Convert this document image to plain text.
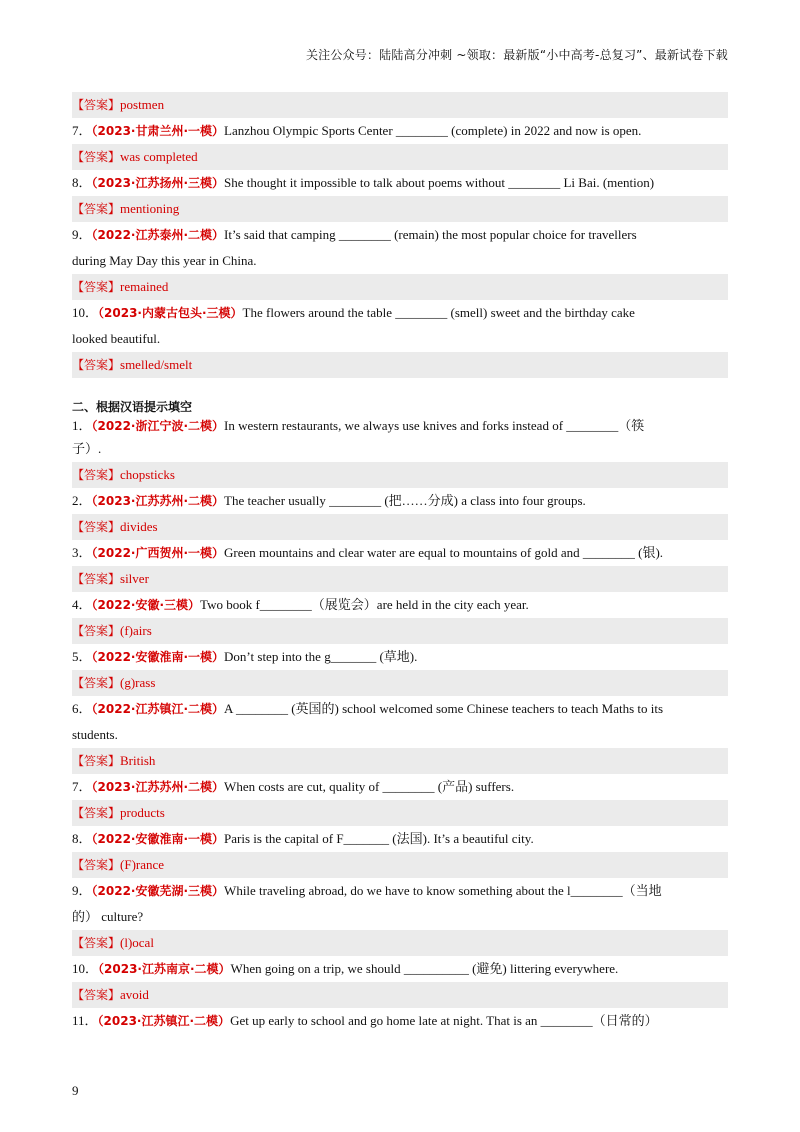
关注公众号：陆陆高分冲刺 ~领取：最新版“小中高考-总复习”、最新试卷下载
【答案】postmen
7．（2023·甘肃兰州·一模）Lanzhou Olympic Sports Center ________ (complete) in 2022 and now is open.
【答案】was completed
8．（2023·江苏扬州·三模）She thought it impossible to talk about poems without ________ Li Bai. (mention)
【答案】mentioning
9．（2022·江苏泰州·二模）It’s said that camping ________ (remain) the most popular choice for travellers
during May Day this year in China.
【答案】remained
10．（2023·内蒙古包头·三模）The flowers around the table ________ (smell) sweet and the birthday cake
looked beautiful.
【答案】smelled/smelt
二、根据汉语提示填空
1．（2022·浙江宁波·二模）In western restaurants, we always use knives and forks instead of ________（筷
子）.
【答案】chopsticks
2．（2023·江苏苏州·二模）The teacher usually ________ (把……分成) a class into four groups.
【答案】divides
3．（2022·广西贺州·一模）Green mountains and clear water are equal to mountains of gold and ________ (银).
【答案】silver
4．（2022·安徽·三模）Two book f________（展览会）are held in the city each year.
【答案】(f)airs
5．（2022·安徽淮南·一模）Don’t step into the g_______ (草地).
【答案】(g)rass
6．（2022·江苏镇江·二模）A ________ (英国的) school welcomed some Chinese teachers to teach Maths to its
students.
【答案】British
7．（2023·江苏苏州·二模）When costs are cut, quality of ________ (产品) suffers.
【答案】products
8．（2022·安徽淮南·一模）Paris is the capital of F_______ (法国). It’s a beautiful city.
【答案】(F)rance
9．（2022·安徽芜湖·三模）While traveling abroad, do we have to know something about the l________（当地
的） culture?
【答案】(l)ocal
10．（2023·江苏南京·二模）When going on a trip, we should __________ (避免) littering everywhere.
【答案】avoid
11．（2023·江苏镇江·二模）Get up early to school and go home late at night. That is an ________（日常的）
9
